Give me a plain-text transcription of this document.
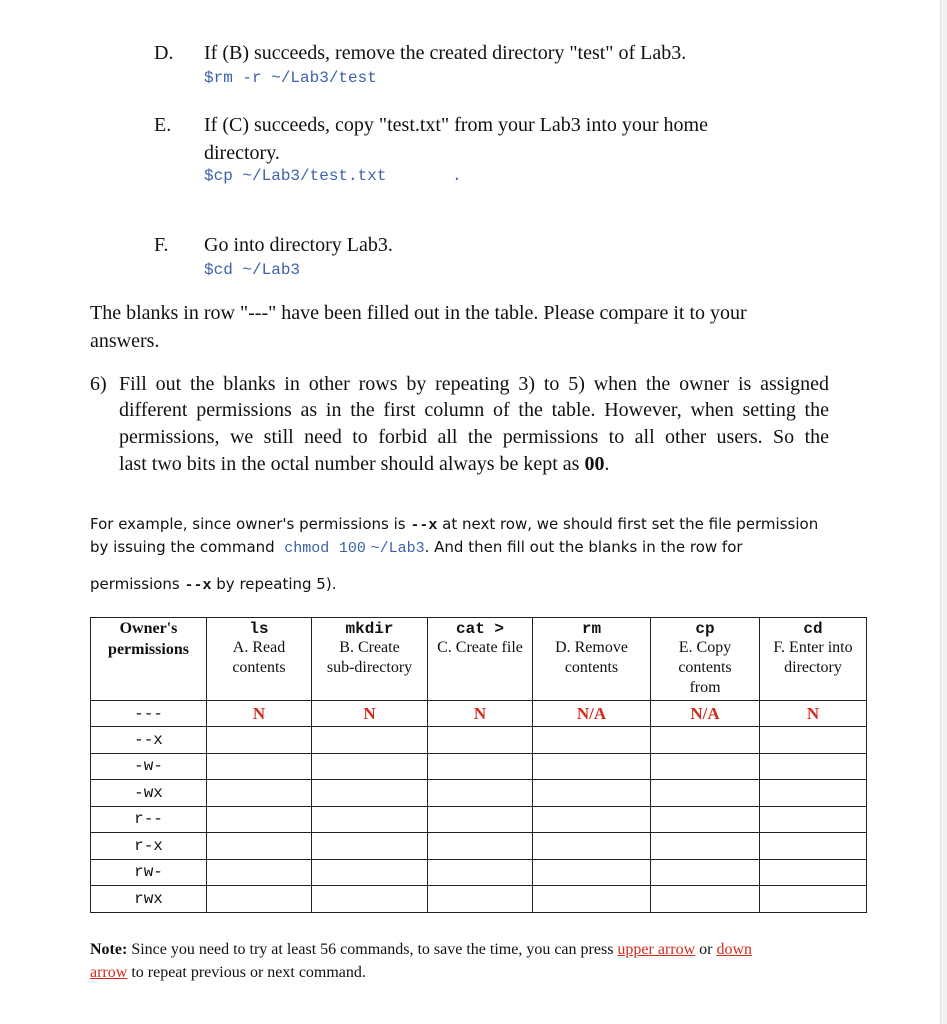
D. If (B) succeeds, remove the created directory "test" of Lab3.
$rm -r ~/Lab3/test
E. If (C) succeeds, copy "test.txt" from your Lab3 into your home
directory.
$cp ~/Lab3/test.txt	.
F. Go into directory Lab3.
$cd ~/Lab3
The blanks in row "---" have been filled out in the table. Please compare it to your
answers.
6) Fill out the blanks in other rows by repeating 3) to 5) when the owner is assigned
different permissions as in the first column of the table. However, when setting the
permissions, we still need to forbid all the permissions to all other users. So the
last two bits in the octal number should always be kept as 00.

For example, since owner's permissions is --x at next row, we should first set the file permission

by issuing the command  chmod 100 ~/Lab3. And then fill out the blanks in the row for

permissions --x by repeating 5).
Owner's
permissions	ls
A. Read
contents	mkdir
B. Create
sub-directory	cat >
C. Create file	rm
D. Remove
contents	cp
E. Copy
contents
from	cd
F. Enter into
directory

---	N	N	N	N/A	N/A	N
--x						
-w-						
-wx						
r--						
r-x						
rw-						
rwx						
Note: Since you need to try at least 56 commands, to save the time, you can press upper arrow or down
arrow to repeat previous or next command.
